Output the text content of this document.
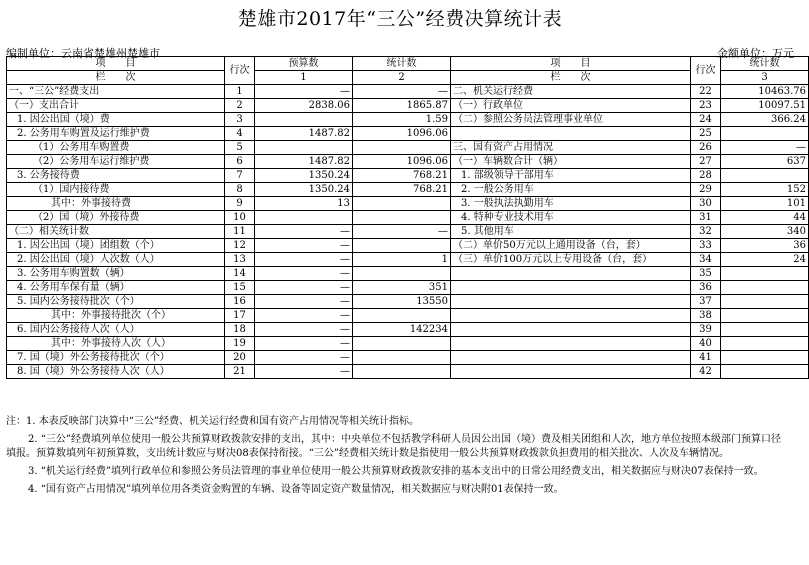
楚雄市2017年“三公”经费决算统计表
编制单位：云南省楚雄州楚雄市	金额单位：万元
项　　目	行次	预算数	统计数	项　　目	行次	统计数
栏　　次		1	2	栏　　次		3
一、“三公”经费支出	1	—	—	二、机关运行经费	22	10463.76
（一）支出合计	2	2838.06	1865.87	（一）行政单位	23	10097.51
1. 因公出国（境）费	3		1.59	（二）参照公务员法管理事业单位	24	366.24
2. 公务用车购置及运行维护费	4	1487.82	1096.06		25	
（1）公务用车购置费	5			三、国有资产占用情况	26	—
（2）公务用车运行维护费	6	1487.82	1096.06	（一）车辆数合计（辆）	27	637
3. 公务接待费	7	1350.24	768.21	1. 部级领导干部用车	28	
（1）国内接待费	8	1350.24	768.21	2. 一般公务用车	29	152
其中：外事接待费	9	13		3. 一般执法执勤用车	30	101
（2）国（境）外接待费	10			4. 特种专业技术用车	31	44
（二）相关统计数	11	—	—	5. 其他用车	32	340
1. 因公出国（境）团组数（个）	12	—		（二）单价50万元以上通用设备（台，套）	33	36
2. 因公出国（境）人次数（人）	13	—	1	（三）单价100万元以上专用设备（台，套）	34	24
3. 公务用车购置数（辆）	14	—			35	
4. 公务用车保有量（辆）	15	—	351		36	
5. 国内公务接待批次（个）	16	—	13550		37	
其中：外事接待批次（个）	17	—			38	
6. 国内公务接待人次（人）	18	—	142234		39	
其中：外事接待人次（人）	19	—			40	
7. 国（境）外公务接待批次（个）	20	—			41	
8. 国（境）外公务接待人次（人）	21	—			42	

注：1. 本表反映部门决算中“三公”经费、机关运行经费和国有资产占用情况等相关统计指标。

2. “三公”经费填列单位使用一般公共预算财政拨款安排的支出，其中：中央单位不包括教学科研人员因公出国（境）费及相关团组和人次，地方单位按照本级部门预算口径填报。预算数填列年初预算数，支出统计数应与财决08表保持衔接。“三公”经费相关统计数是指使用一般公共预算财政拨款负担费用的相关批次、人次及车辆情况。

3. “机关运行经费”填列行政单位和参照公务员法管理的事业单位使用一般公共预算财政拨款安排的基本支出中的日常公用经费支出，相关数据应与财决07表保持一致。

4. “国有资产占用情况”填列单位用各类资金购置的车辆、设备等固定资产数量情况，相关数据应与财决附01表保持一致。
